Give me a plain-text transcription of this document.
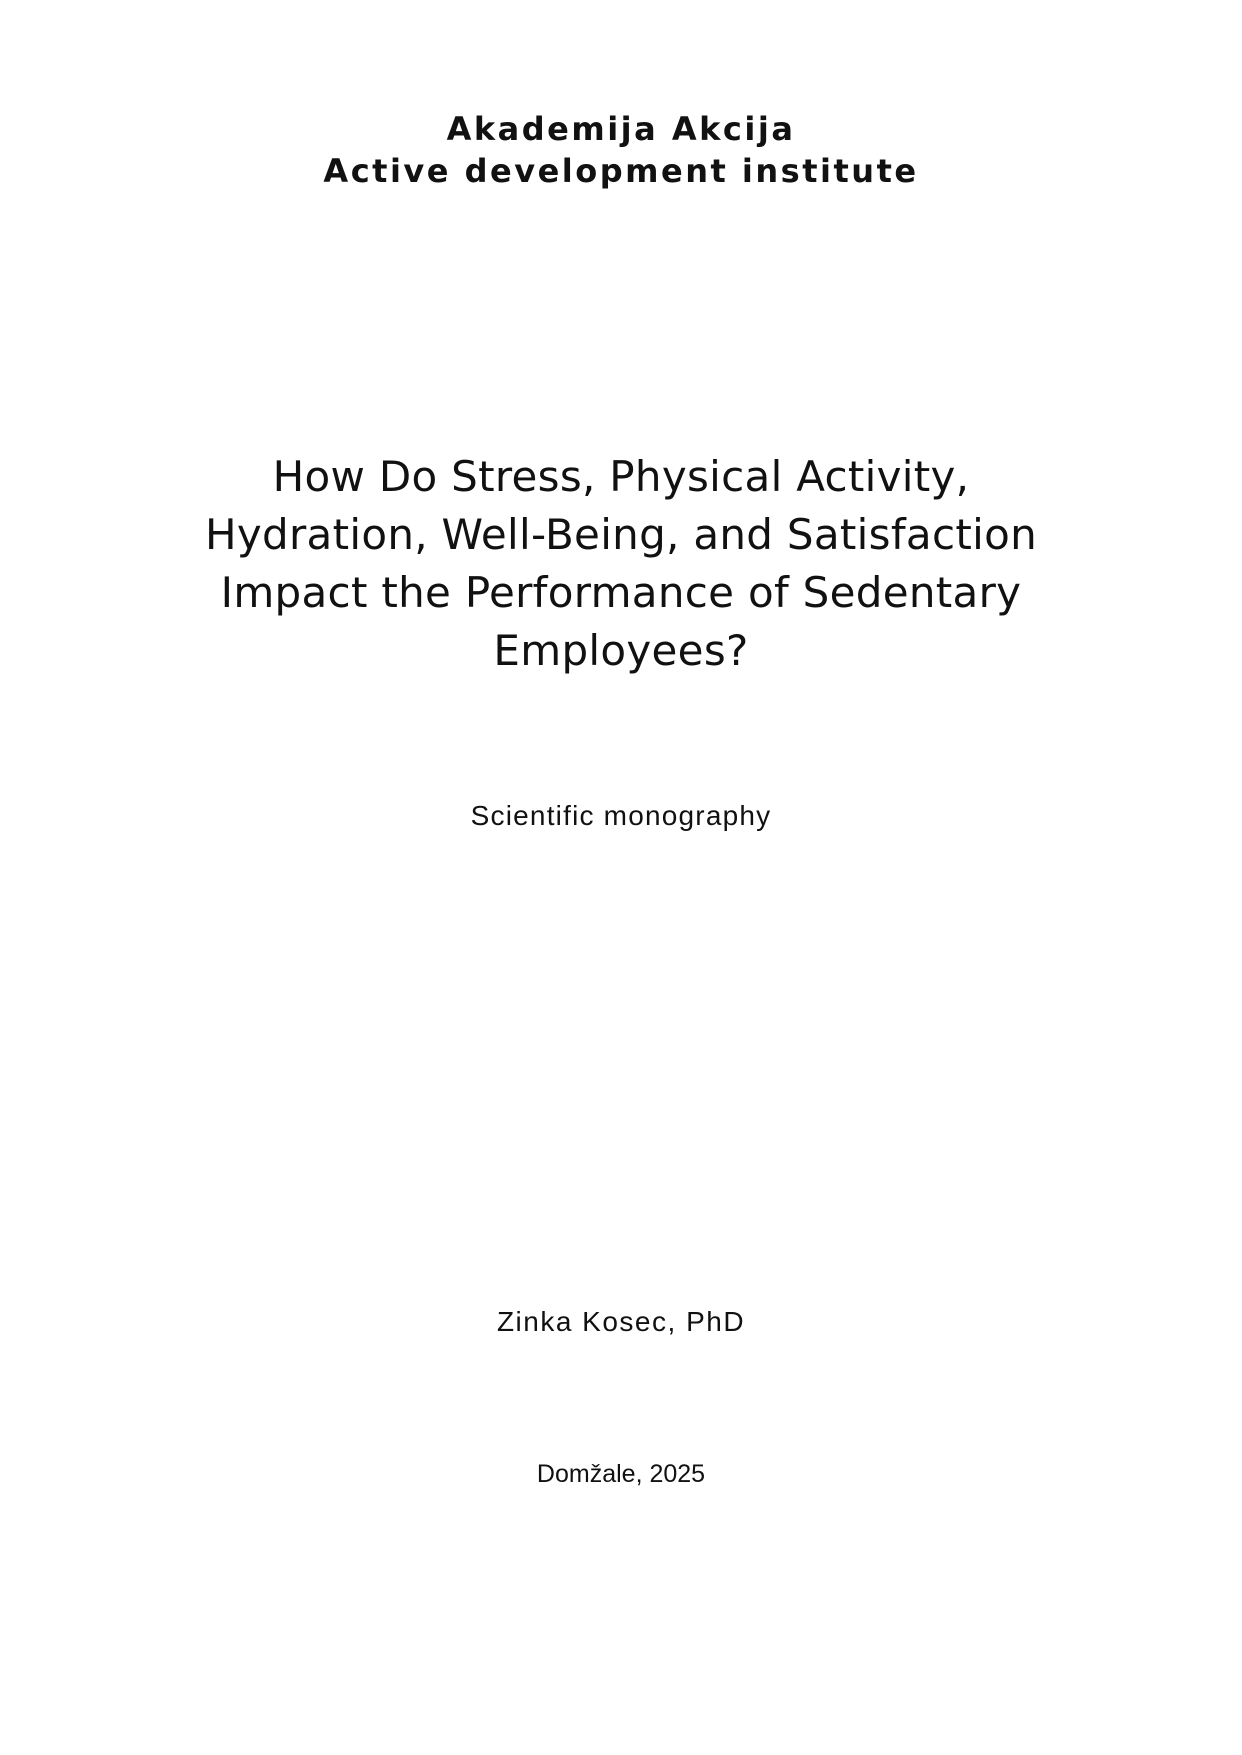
Akademija Akcija
Active development institute
How Do Stress, Physical Activity,
Hydration, Well-Being, and Satisfaction
Impact the Performance of Sedentary
Employees?
Scientific monography
Zinka Kosec, PhD
Domžale, 2025
